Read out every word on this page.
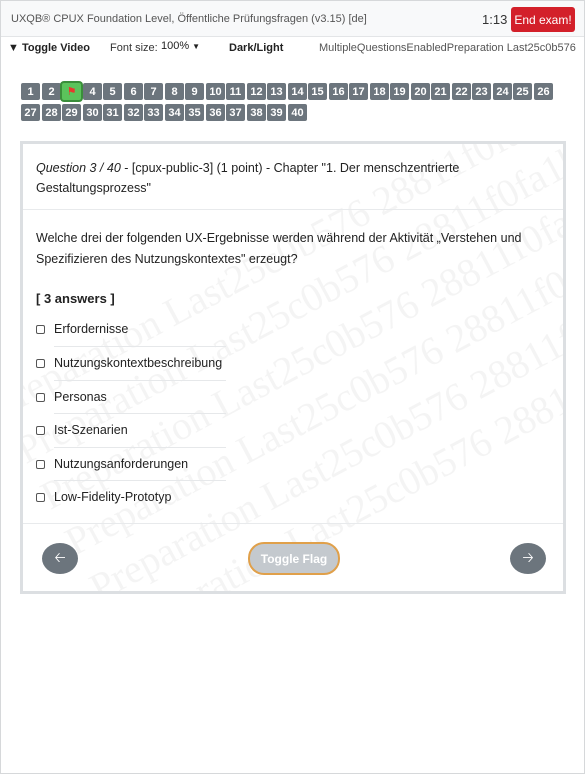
UXQB® CPUX Foundation Level, Öffentliche Prüfungsfragen (v3.15) [de]	1:13 End exam!
▼ Toggle Video Font size: 100% ▼	Dark/Light	MultipleQuestionsEnabledPreparation Last25c0b576
1	2	⚑	4	5	6	7	8	9	10 11 12 13 14 15 16 17 18 19 20 21 22 23 24 25 26
27 28 29 30 31 32 33 34 35 36 37 38 39 40
Question 3 / 40 - [cpux-public-3] (1 point) - Chapter "1. Der menschzentrierte Gestaltungsprozess"
Welche drei der folgenden UX-Ergebnisse werden während der Aktivität „Verstehen und Spezifizieren des Nutzungskontextes" erzeugt?
[ 3 answers ]
Erfordernisse
Nutzungskontextbeschreibung
Personas
Ist-Szenarien
Nutzungsanforderungen
Low-Fidelity-Prototyp
🡠	Toggle Flag	🡢
